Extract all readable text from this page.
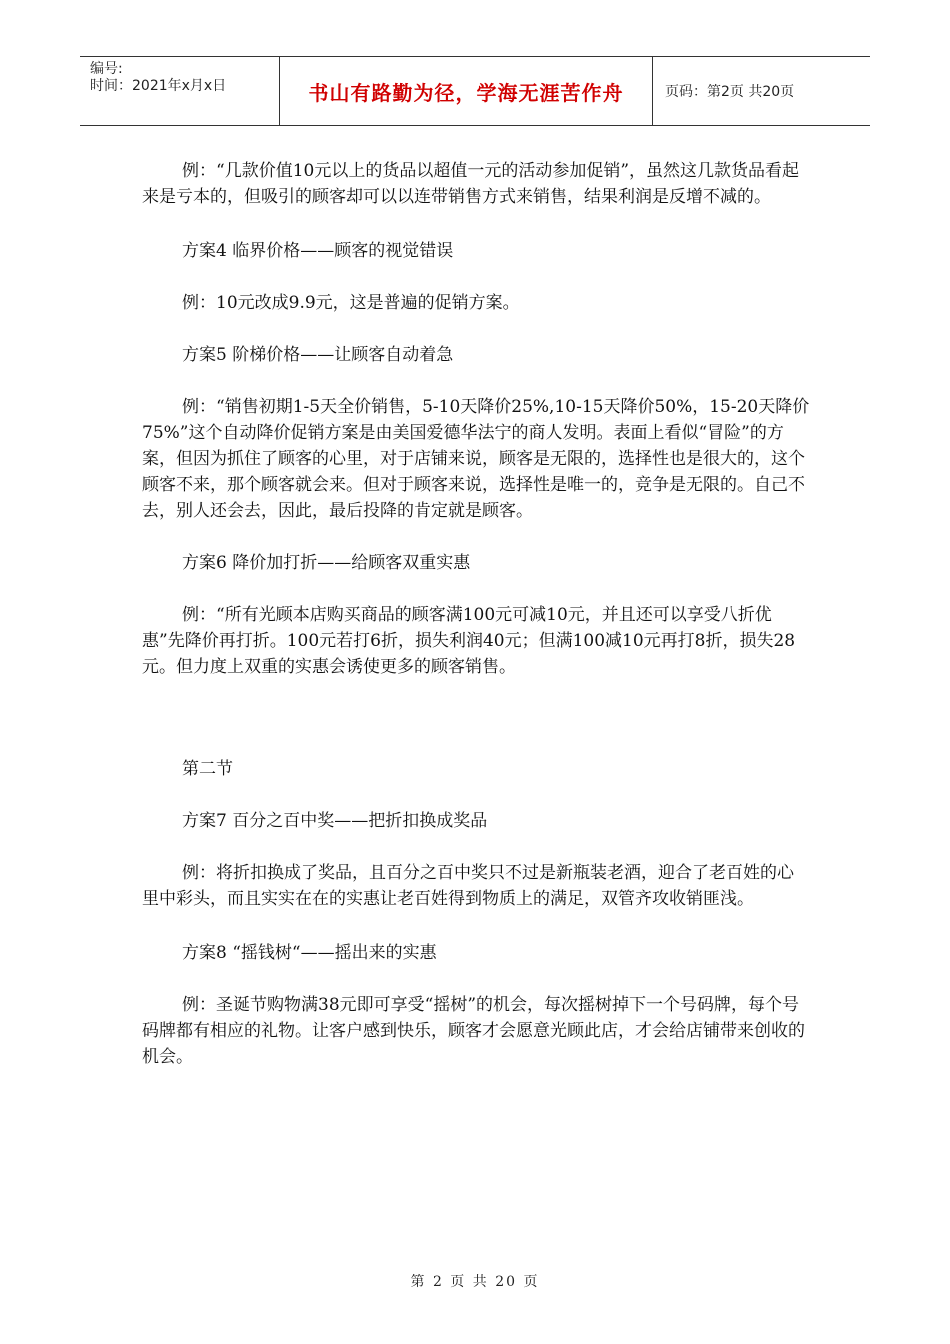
编号:
时间：2021年x月x日	书山有路勤为径，学海无涯苦作舟	页码：第2页 共20页

例：“几款价值10元以上的货品以超值一元的活动参加促销”，虽然这几款货品看起来是亏本的，但吸引的顾客却可以以连带销售方式来销售，结果利润是反增不减的。

方案4 临界价格——顾客的视觉错误

例：10元改成9.9元，这是普遍的促销方案。

方案5 阶梯价格——让顾客自动着急

例：“销售初期1-5天全价销售，5-10天降价25%,10-15天降价50%，15-20天降价75%”这个自动降价促销方案是由美国爱德华法宁的商人发明。表面上看似“冒险”的方案，但因为抓住了顾客的心里，对于店铺来说，顾客是无限的，选择性也是很大的，这个顾客不来，那个顾客就会来。但对于顾客来说，选择性是唯一的，竞争是无限的。自己不去，别人还会去，因此，最后投降的肯定就是顾客。

方案6 降价加打折——给顾客双重实惠

例：“所有光顾本店购买商品的顾客满100元可减10元，并且还可以享受八折优惠”先降价再打折。100元若打6折，损失利润40元；但满100减10元再打8折，损失28元。但力度上双重的实惠会诱使更多的顾客销售。

第二节

方案7 百分之百中奖——把折扣换成奖品

例：将折扣换成了奖品，且百分之百中奖只不过是新瓶装老酒，迎合了老百姓的心里中彩头，而且实实在在的实惠让老百姓得到物质上的满足，双管齐攻收销匪浅。

方案8 “摇钱树“——摇出来的实惠

例：圣诞节购物满38元即可享受“摇树”的机会，每次摇树掉下一个号码牌，每个号码牌都有相应的礼物。让客户感到快乐，顾客才会愿意光顾此店，才会给店铺带来创收的机会。

第 2 页 共 20 页
